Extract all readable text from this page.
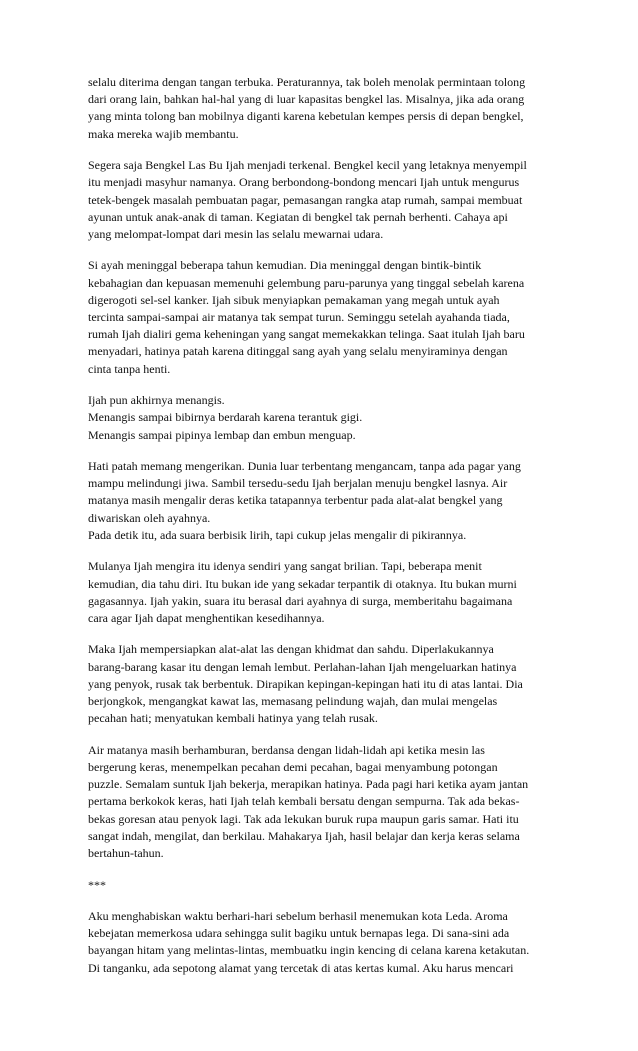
selalu diterima dengan tangan terbuka. Peraturannya, tak boleh menolak permintaan tolong
dari orang lain, bahkan hal-hal yang di luar kapasitas bengkel las. Misalnya, jika ada orang
yang minta tolong ban mobilnya diganti karena kebetulan kempes persis di depan bengkel,
maka mereka wajib membantu.

Segera saja Bengkel Las Bu Ijah menjadi terkenal. Bengkel kecil yang letaknya menyempil
itu menjadi masyhur namanya. Orang berbondong-bondong mencari Ijah untuk mengurus
tetek-bengek masalah pembuatan pagar, pemasangan rangka atap rumah, sampai membuat
ayunan untuk anak-anak di taman. Kegiatan di bengkel tak pernah berhenti. Cahaya api
yang melompat-lompat dari mesin las selalu mewarnai udara.

Si ayah meninggal beberapa tahun kemudian. Dia meninggal dengan bintik-bintik
kebahagian dan kepuasan memenuhi gelembung paru-parunya yang tinggal sebelah karena
digerogoti sel-sel kanker. Ijah sibuk menyiapkan pemakaman yang megah untuk ayah
tercinta sampai-sampai air matanya tak sempat turun. Seminggu setelah ayahanda tiada,
rumah Ijah dialiri gema keheningan yang sangat memekakkan telinga. Saat itulah Ijah baru
menyadari, hatinya patah karena ditinggal sang ayah yang selalu menyiraminya dengan
cinta tanpa henti.

Ijah pun akhirnya menangis.
Menangis sampai bibirnya berdarah karena terantuk gigi.
Menangis sampai pipinya lembap dan embun menguap.

Hati patah memang mengerikan. Dunia luar terbentang mengancam, tanpa ada pagar yang
mampu melindungi jiwa. Sambil tersedu-sedu Ijah berjalan menuju bengkel lasnya. Air
matanya masih mengalir deras ketika tatapannya terbentur pada alat-alat bengkel yang
diwariskan oleh ayahnya.
Pada detik itu, ada suara berbisik lirih, tapi cukup jelas mengalir di pikirannya.

Mulanya Ijah mengira itu idenya sendiri yang sangat brilian. Tapi, beberapa menit
kemudian, dia tahu diri. Itu bukan ide yang sekadar terpantik di otaknya. Itu bukan murni
gagasannya. Ijah yakin, suara itu berasal dari ayahnya di surga, memberitahu bagaimana
cara agar Ijah dapat menghentikan kesedihannya.

Maka Ijah mempersiapkan alat-alat las dengan khidmat dan sahdu. Diperlakukannya
barang-barang kasar itu dengan lemah lembut. Perlahan-lahan Ijah mengeluarkan hatinya
yang penyok, rusak tak berbentuk. Dirapikan kepingan-kepingan hati itu di atas lantai. Dia
berjongkok, mengangkat kawat las, memasang pelindung wajah, dan mulai mengelas
pecahan hati; menyatukan kembali hatinya yang telah rusak.

Air matanya masih berhamburan, berdansa dengan lidah-lidah api ketika mesin las
bergerung keras, menempelkan pecahan demi pecahan, bagai menyambung potongan
puzzle. Semalam suntuk Ijah bekerja, merapikan hatinya. Pada pagi hari ketika ayam jantan
pertama berkokok keras, hati Ijah telah kembali bersatu dengan sempurna. Tak ada bekas-
bekas goresan atau penyok lagi. Tak ada lekukan buruk rupa maupun garis samar. Hati itu
sangat indah, mengilat, dan berkilau. Mahakarya Ijah, hasil belajar dan kerja keras selama
bertahun-tahun.

***

Aku menghabiskan waktu berhari-hari sebelum berhasil menemukan kota Leda. Aroma
kebejatan memerkosa udara sehingga sulit bagiku untuk bernapas lega. Di sana-sini ada
bayangan hitam yang melintas-lintas, membuatku ingin kencing di celana karena ketakutan.
Di tanganku, ada sepotong alamat yang tercetak di atas kertas kumal. Aku harus mencari
